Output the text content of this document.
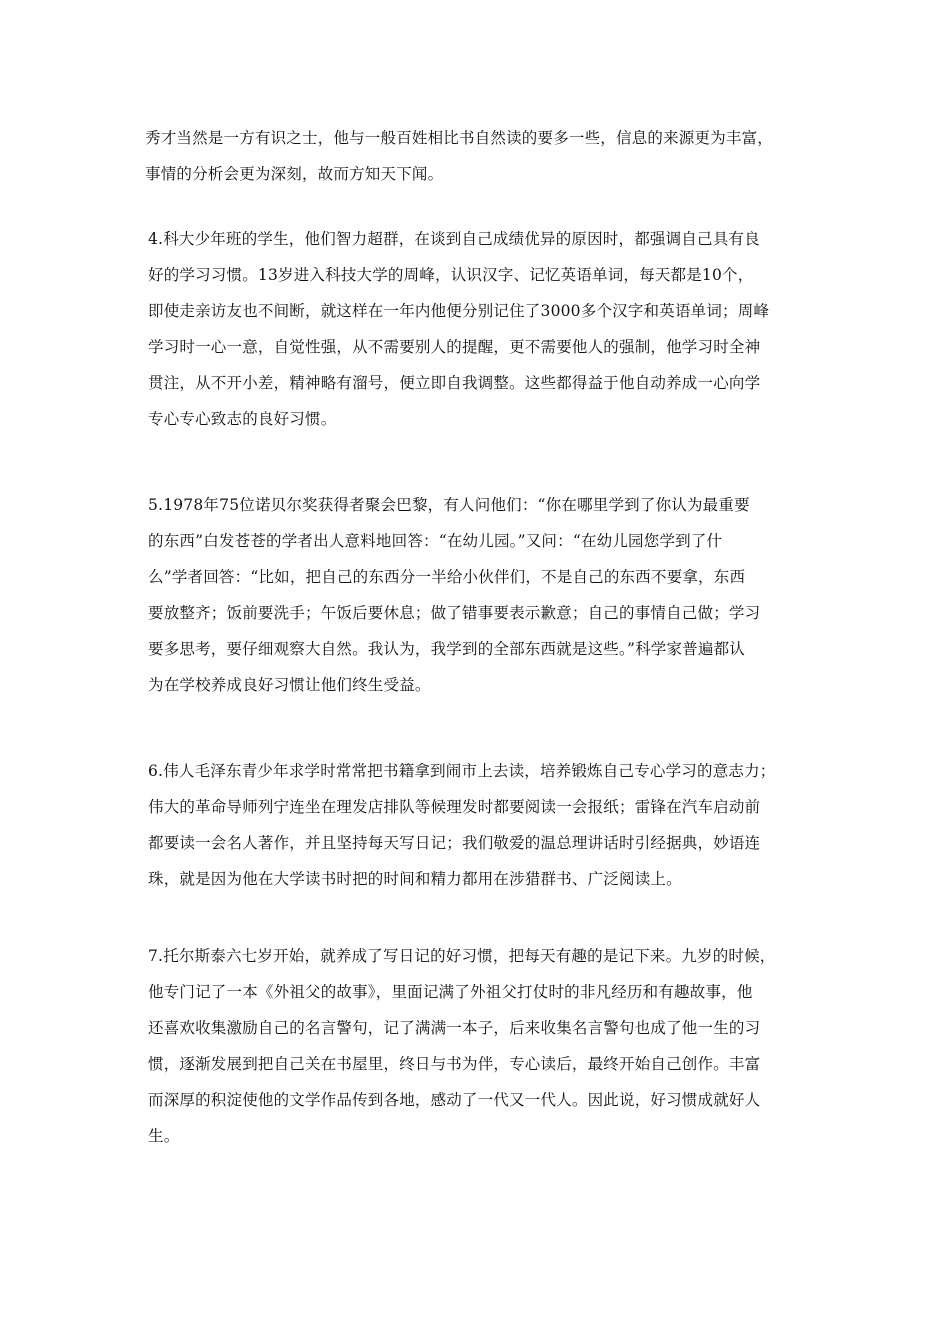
秀才当然是一方有识之士，他与一般百姓相比书自然读的要多一些，信息的来源更为丰富，
事情的分析会更为深刻，故而方知天下闻。
4.科大少年班的学生，他们智力超群，在谈到自己成绩优异的原因时，都强调自己具有良
好的学习习惯。13岁进入科技大学的周峰，认识汉字、记忆英语单词，每天都是10个，
即使走亲访友也不间断，就这样在一年内他便分别记住了3000多个汉字和英语单词；周峰
学习时一心一意，自觉性强，从不需要别人的提醒，更不需要他人的强制，他学习时全神
贯注，从不开小差，精神略有溜号，便立即自我调整。这些都得益于他自动养成一心向学
专心专心致志的良好习惯。
5.1978年75位诺贝尔奖获得者聚会巴黎，有人问他们：“你在哪里学到了你认为最重要
的东西”白发苍苍的学者出人意料地回答：“在幼儿园。”又问：“在幼儿园您学到了什
么”学者回答：“比如，把自己的东西分一半给小伙伴们，不是自己的东西不要拿，东西
要放整齐；饭前要洗手；午饭后要休息；做了错事要表示歉意；自己的事情自己做；学习
要多思考，要仔细观察大自然。我认为，我学到的全部东西就是这些。”科学家普遍都认
为在学校养成良好习惯让他们终生受益。
6.伟人毛泽东青少年求学时常常把书籍拿到闹市上去读，培养锻炼自己专心学习的意志力；
伟大的革命导师列宁连坐在理发店排队等候理发时都要阅读一会报纸；雷锋在汽车启动前
都要读一会名人著作，并且坚持每天写日记；我们敬爱的温总理讲话时引经据典，妙语连
珠，就是因为他在大学读书时把的时间和精力都用在涉猎群书、广泛阅读上。
7.托尔斯泰六七岁开始，就养成了写日记的好习惯，把每天有趣的是记下来。九岁的时候，
他专门记了一本《外祖父的故事》，里面记满了外祖父打仗时的非凡经历和有趣故事，他
还喜欢收集激励自己的名言警句，记了满满一本子，后来收集名言警句也成了他一生的习
惯，逐渐发展到把自己关在书屋里，终日与书为伴，专心读后，最终开始自己创作。丰富
而深厚的积淀使他的文学作品传到各地，感动了一代又一代人。因此说，好习惯成就好人
生。
